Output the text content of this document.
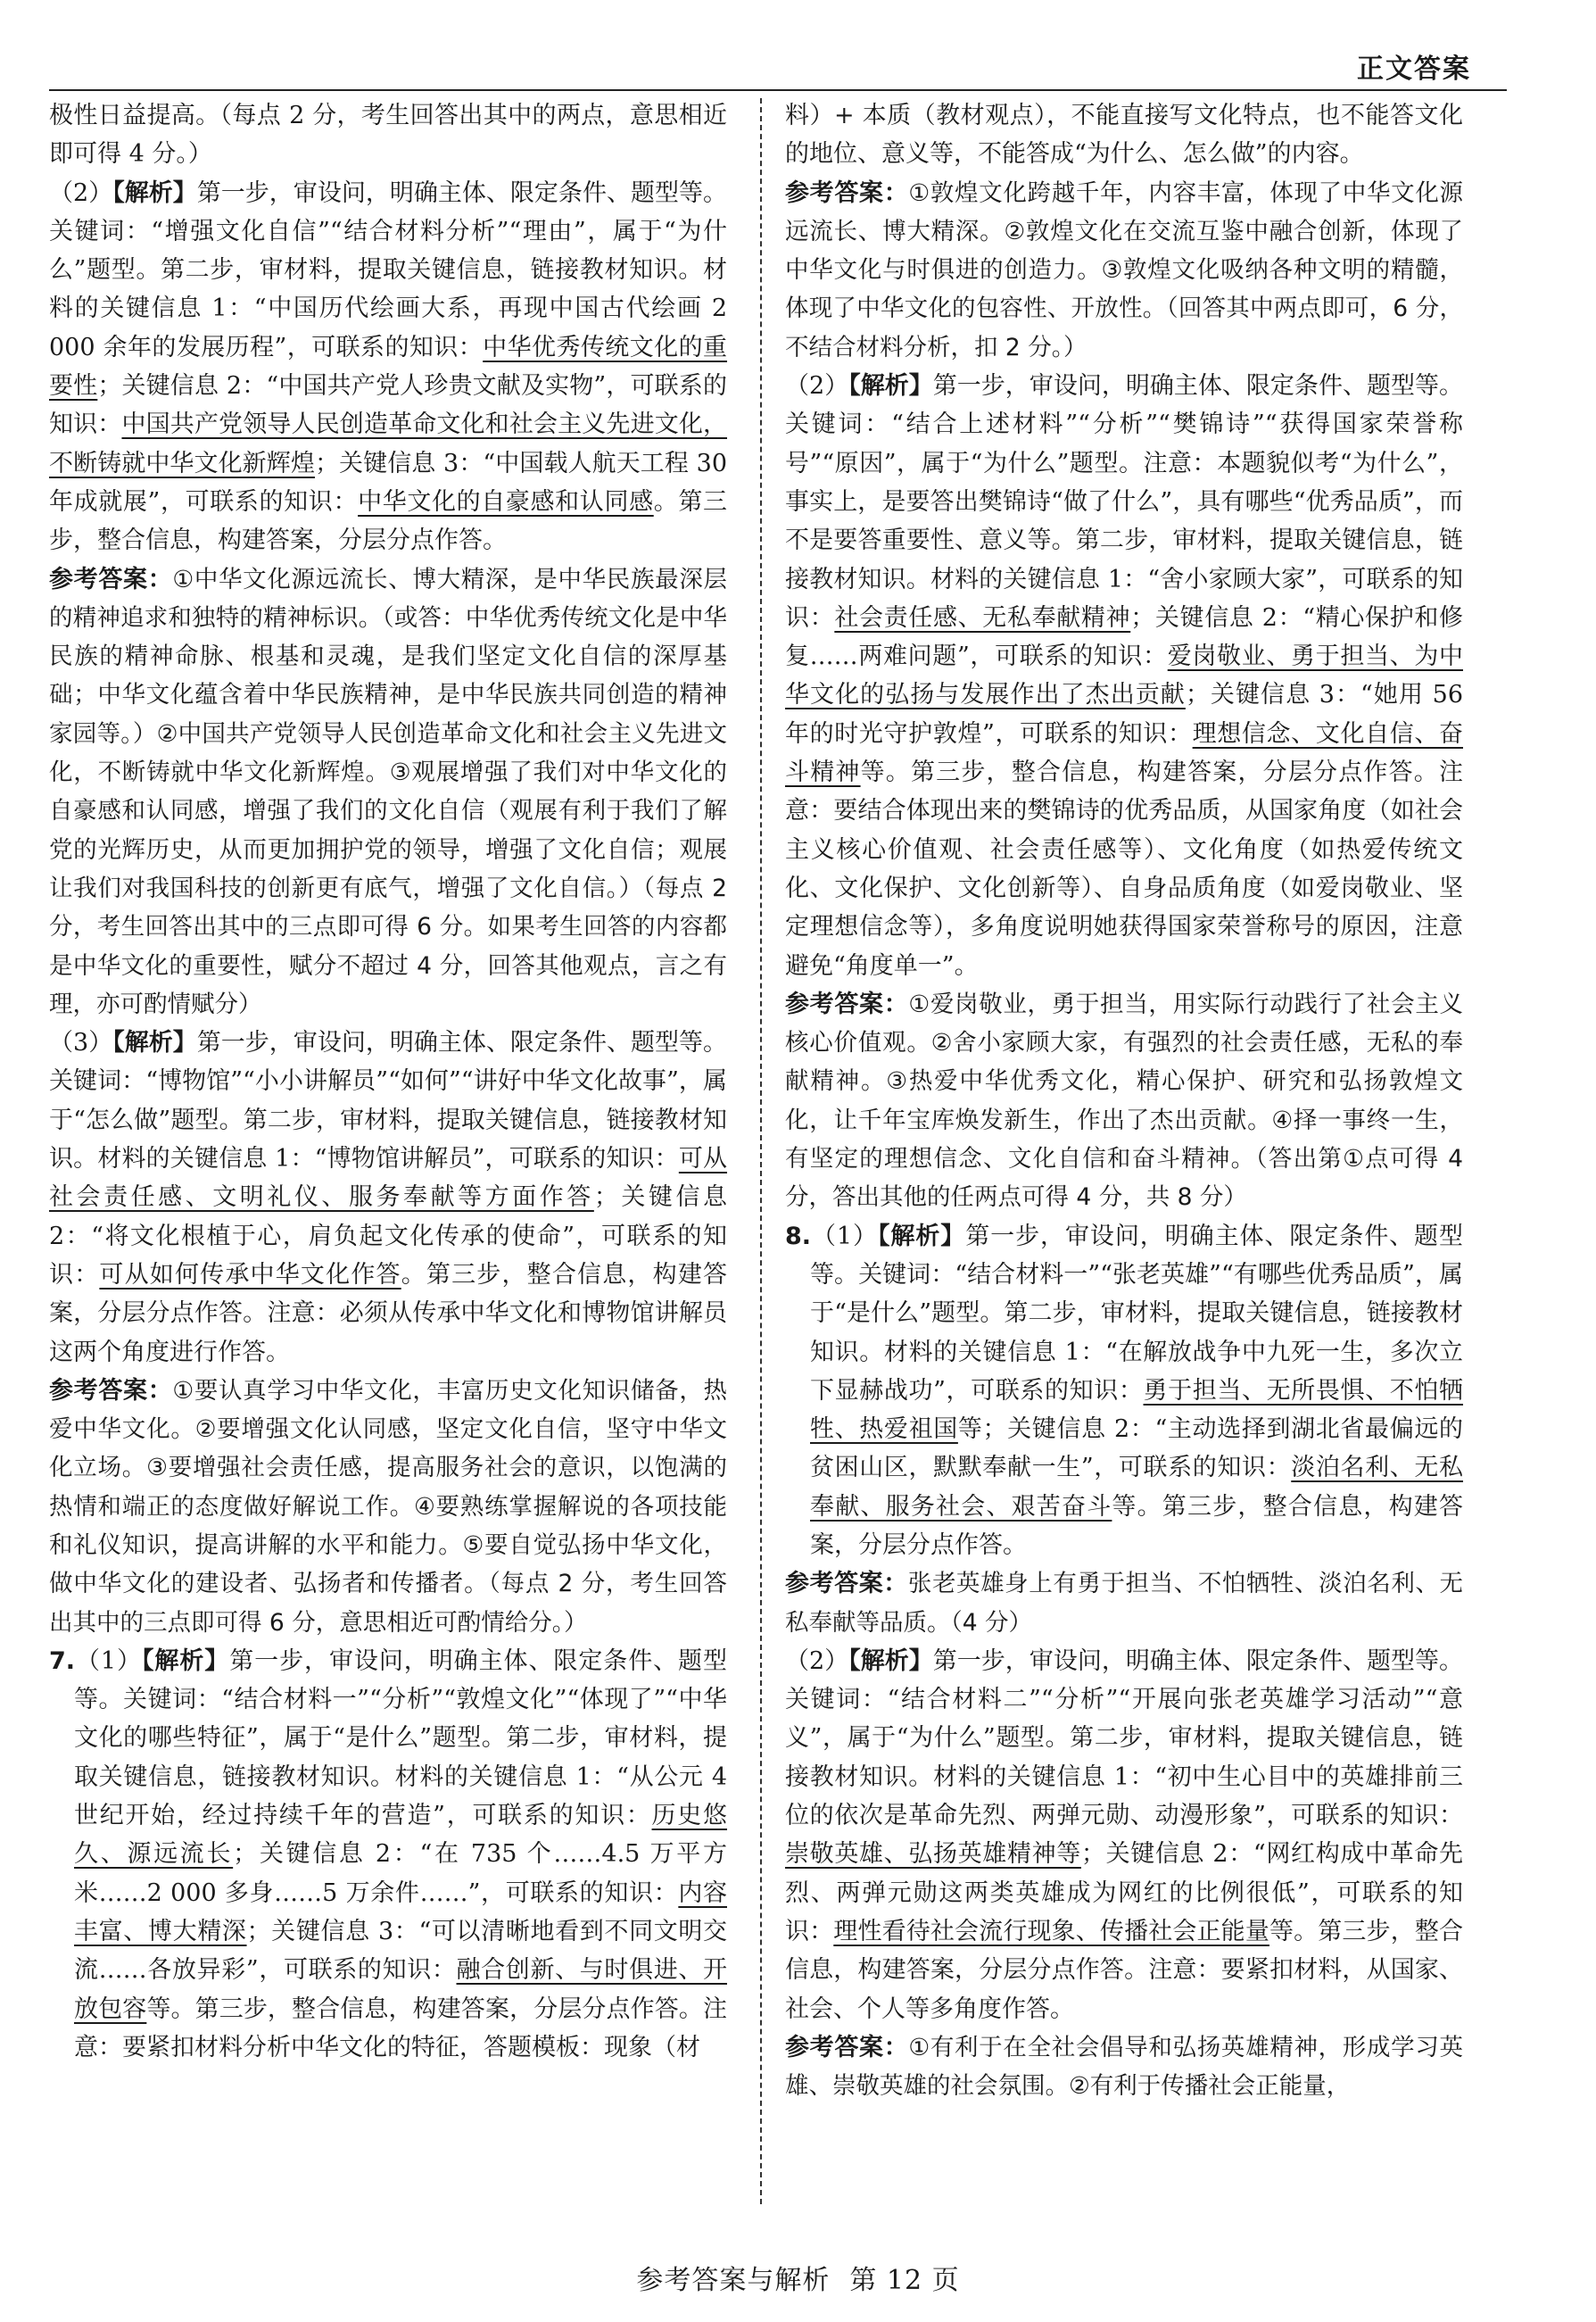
正文答案

极性日益提高。（每点 2 分，考生回答出其中的两点，意思相近即可得 4 分。）

（2）【解析】第一步，审设问，明确主体、限定条件、题型等。关键词：“增强文化自信”“结合材料分析”“理由”，属于“为什么”题型。第二步，审材料，提取关键信息，链接教材知识。材料的关键信息 1：“中国历代绘画大系，再现中国古代绘画 2 000 余年的发展历程”，可联系的知识：中华优秀传统文化的重要性；关键信息 2：“中国共产党人珍贵文献及实物”，可联系的知识：中国共产党领导人民创造革命文化和社会主义先进文化，不断铸就中华文化新辉煌；关键信息 3：“中国载人航天工程 30 年成就展”，可联系的知识：中华文化的自豪感和认同感。第三步，整合信息，构建答案，分层分点作答。

参考答案：①中华文化源远流长、博大精深，是中华民族最深层的精神追求和独特的精神标识。（或答：中华优秀传统文化是中华民族的精神命脉、根基和灵魂，是我们坚定文化自信的深厚基础；中华文化蕴含着中华民族精神，是中华民族共同创造的精神家园等。）②中国共产党领导人民创造革命文化和社会主义先进文化，不断铸就中华文化新辉煌。③观展增强了我们对中华文化的自豪感和认同感，增强了我们的文化自信（观展有利于我们了解党的光辉历史，从而更加拥护党的领导，增强了文化自信；观展让我们对我国科技的创新更有底气，增强了文化自信。）（每点 2 分，考生回答出其中的三点即可得 6 分。如果考生回答的内容都是中华文化的重要性，赋分不超过 4 分，回答其他观点，言之有理，亦可酌情赋分）

（3）【解析】第一步，审设问，明确主体、限定条件、题型等。关键词：“博物馆”“小小讲解员”“如何”“讲好中华文化故事”，属于“怎么做”题型。第二步，审材料，提取关键信息，链接教材知识。材料的关键信息 1：“博物馆讲解员”，可联系的知识：可从社会责任感、文明礼仪、服务奉献等方面作答；关键信息 2：“将文化根植于心，肩负起文化传承的使命”，可联系的知识：可从如何传承中华文化作答。第三步，整合信息，构建答案，分层分点作答。注意：必须从传承中华文化和博物馆讲解员这两个角度进行作答。

参考答案：①要认真学习中华文化，丰富历史文化知识储备，热爱中华文化。②要增强文化认同感，坚定文化自信，坚守中华文化立场。③要增强社会责任感，提高服务社会的意识，以饱满的热情和端正的态度做好解说工作。④要熟练掌握解说的各项技能和礼仪知识，提高讲解的水平和能力。⑤要自觉弘扬中华文化，做中华文化的建设者、弘扬者和传播者。（每点 2 分，考生回答出其中的三点即可得 6 分，意思相近可酌情给分。）

7.（1）【解析】第一步，审设问，明确主体、限定条件、题型等。关键词：“结合材料一”“分析”“敦煌文化”“体现了”“中华文化的哪些特征”，属于“是什么”题型。第二步，审材料，提取关键信息，链接教材知识。材料的关键信息 1：“从公元 4 世纪开始，经过持续千年的营造”，可联系的知识：历史悠久、源远流长；关键信息 2：“在 735 个……4.5 万平方米……2 000 多身……5 万余件……”，可联系的知识：内容丰富、博大精深；关键信息 3：“可以清晰地看到不同文明交流……各放异彩”，可联系的知识：融合创新、与时俱进、开放包容等。第三步，整合信息，构建答案，分层分点作答。注意：要紧扣材料分析中华文化的特征，答题模板：现象（材

料）+ 本质（教材观点），不能直接写文化特点，也不能答文化的地位、意义等，不能答成“为什么、怎么做”的内容。

参考答案：①敦煌文化跨越千年，内容丰富，体现了中华文化源远流长、博大精深。②敦煌文化在交流互鉴中融合创新，体现了中华文化与时俱进的创造力。③敦煌文化吸纳各种文明的精髓，体现了中华文化的包容性、开放性。（回答其中两点即可，6 分，不结合材料分析，扣 2 分。）

（2）【解析】第一步，审设问，明确主体、限定条件、题型等。关键词：“结合上述材料”“分析”“樊锦诗”“获得国家荣誉称号”“原因”，属于“为什么”题型。注意：本题貌似考“为什么”，事实上，是要答出樊锦诗“做了什么”，具有哪些“优秀品质”，而不是要答重要性、意义等。第二步，审材料，提取关键信息，链接教材知识。材料的关键信息 1：“舍小家顾大家”，可联系的知识：社会责任感、无私奉献精神；关键信息 2：“精心保护和修复……两难问题”，可联系的知识：爱岗敬业、勇于担当、为中华文化的弘扬与发展作出了杰出贡献；关键信息 3：“她用 56 年的时光守护敦煌”，可联系的知识：理想信念、文化自信、奋斗精神等。第三步，整合信息，构建答案，分层分点作答。注意：要结合体现出来的樊锦诗的优秀品质，从国家角度（如社会主义核心价值观、社会责任感等）、文化角度（如热爱传统文化、文化保护、文化创新等）、自身品质角度（如爱岗敬业、坚定理想信念等），多角度说明她获得国家荣誉称号的原因，注意避免“角度单一”。

参考答案：①爱岗敬业，勇于担当，用实际行动践行了社会主义核心价值观。②舍小家顾大家，有强烈的社会责任感，无私的奉献精神。③热爱中华优秀文化，精心保护、研究和弘扬敦煌文化，让千年宝库焕发新生，作出了杰出贡献。④择一事终一生，有坚定的理想信念、文化自信和奋斗精神。（答出第①点可得 4 分，答出其他的任两点可得 4 分，共 8 分）

8.（1）【解析】第一步，审设问，明确主体、限定条件、题型等。关键词：“结合材料一”“张老英雄”“有哪些优秀品质”，属于“是什么”题型。第二步，审材料，提取关键信息，链接教材知识。材料的关键信息 1：“在解放战争中九死一生，多次立下显赫战功”，可联系的知识：勇于担当、无所畏惧、不怕牺牲、热爱祖国等；关键信息 2：“主动选择到湖北省最偏远的贫困山区，默默奉献一生”，可联系的知识：淡泊名利、无私奉献、服务社会、艰苦奋斗等。第三步，整合信息，构建答案，分层分点作答。

参考答案：张老英雄身上有勇于担当、不怕牺牲、淡泊名利、无私奉献等品质。（4 分）

（2）【解析】第一步，审设问，明确主体、限定条件、题型等。关键词：“结合材料二”“分析”“开展向张老英雄学习活动”“意义”，属于“为什么”题型。第二步，审材料，提取关键信息，链接教材知识。材料的关键信息 1：“初中生心目中的英雄排前三位的依次是革命先烈、两弹元勋、动漫形象”，可联系的知识：崇敬英雄、弘扬英雄精神等；关键信息 2：“网红构成中革命先烈、两弹元勋这两类英雄成为网红的比例很低”，可联系的知识：理性看待社会流行现象、传播社会正能量等。第三步，整合信息，构建答案，分层分点作答。注意：要紧扣材料，从国家、社会、个人等多角度作答。

参考答案：①有利于在全社会倡导和弘扬英雄精神，形成学习英雄、崇敬英雄的社会氛围。②有利于传播社会正能量，

参考答案与解析 第 12 页
